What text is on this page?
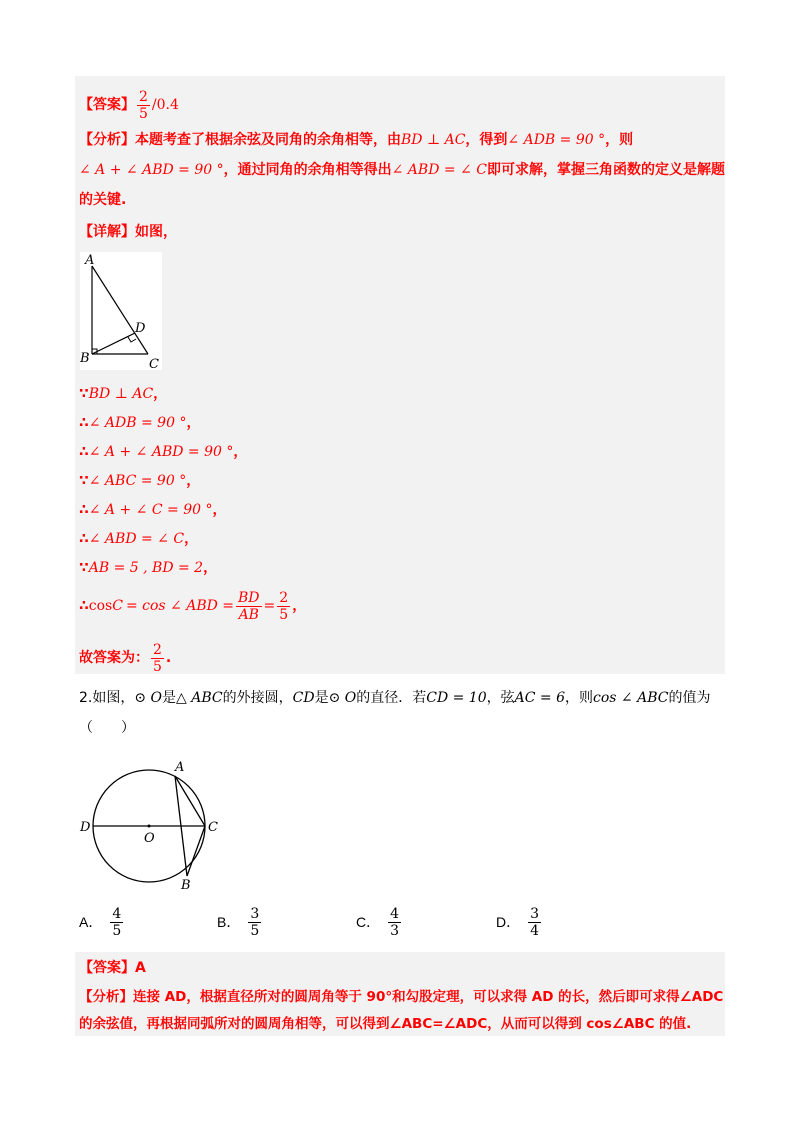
【答案】 $\frac{2}{5} /0.4$
【分析】本题考查了根据余弦及同角的余角相等，由BD ⊥ AC，得到∠ ADB = 90 °，则
∠ A + ∠ ABD = 90 °，通过同角的余角相等得出∠ ABD = ∠ C即可求解，掌握三角函数的定义是解题
的关键.
【详解】如图，
A
B	C
D
∵BD ⊥ AC，
∴∠ ADB = 90 °，
∴∠ A + ∠ ABD = 90 °，
∵∠ ABC = 90 °，
∴∠ A + ∠ C = 90 °，
∴∠ ABD = ∠ C，
∵AB = 5 , BD = 2，
∴cosC = cos ∠ ABD = $\frac{BD}{AB} = \frac{2}{5}$ ，
故答案为： $\frac{2}{5}$ .
2.如图，⊙ O是△ ABC的外接圆，CD是⊙ O的直径．若CD = 10，弦AC = 6，则cos ∠ ABC的值为
（　　）
A
B
C
D
O
A． $\frac{4}{5}$	B． $\frac{3}{5}$	C． $\frac{4}{3}$	D． $\frac{3}{4}$
【答案】A
【分析】连接 AD，根据直径所对的圆周角等于 90°和勾股定理，可以求得 AD 的长，然后即可求得∠ADC
的余弦值，再根据同弧所对的圆周角相等，可以得到∠ABC=∠ADC，从而可以得到 cos∠ABC 的值.
